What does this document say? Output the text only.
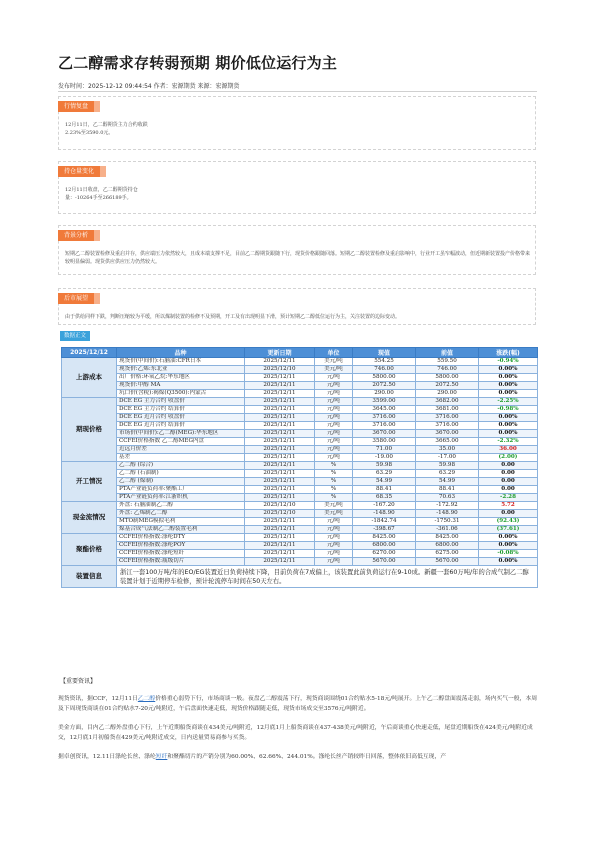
乙二醇需求存转弱预期 期价低位运行为主
发布时间：2025-12-12 09:44:54 作者：宏源期货 来源：宏源期货
行情复盘
12月11日，乙二醇期货主力合约收跌2.23%至3590.0元。
持仓量变化
12月11日收盘，乙二醇期货持仓量：-10264手至266189手。
背景分析
短期乙二醇装置检修及重启并存，供应端压力依然较大，且成本端支撑不足，目前乙二醇期货跟随下行，现货价格跟随回落。短期乙二醇装置检修及重启影响中，行业开工虽窄幅波动，但近期新装置投产价格带来较明显偏弱。现货供应供应压力仍然较大。
后市展望
由于供给同样下跌，判断压缩较为平缓，所以煤制装置的检修不及预期，开工及有出现明显下滑，预计短期乙二醇低位运行为主，关注装置的边际变动。
数据正文
2025/12/12	品种	更新日期	单位	现值	前值	涨跌(幅)
上游成本	现货价(中间价):石脑油:CFR日本	2025/12/11	美元/吨	554.25	559.50	-0.94%
	现货价:乙烯:东北亚	2025/12/10	美元/吨	746.00	746.00	0.00%
	出厂价格:环氧乙烷:华东地区	2025/12/11	元/吨	5800.00	5800.00	0.00%
	现货价:甲醇 MA	2025/12/11	元/吨	2072.50	2072.50	0.00%
	坑口价(含税):褐煤(Q3500):内蒙古	2025/12/11	元/吨	290.00	290.00	0.00%
期现价格	DCE EG 主力合约 收盘价	2025/12/11	元/吨	3599.00	3682.00	-2.25%
	DCE EG 主力合约 结算价	2025/12/11	元/吨	3645.00	3681.00	-0.98%
	DCE EG 近月合约 收盘价	2025/12/11	元/吨	3716.00	3716.00	0.00%
	DCE EG 近月合约 结算价	2025/12/11	元/吨	3716.00	3716.00	0.00%
	市场价(中间价):乙二醇(MEG):华东地区	2025/12/11	元/吨	3670.00	3670.00	0.00%
	CCFEI价格指数 乙二醇MEG内盘	2025/12/11	元/吨	3580.00	3665.00	-2.32%
	近远月价差	2025/12/11	元/吨	71.00	35.00	36.00
	基差	2025/12/11	元/吨	-19.00	-17.00	(2.00)
开工情况	乙二醇 (综合)	2025/12/11	%	59.98	59.98	0.00
	乙二醇 (石油制)	2025/12/11	%	63.29	63.29	0.00
	乙二醇 (煤制)	2025/12/11	%	54.99	54.99	0.00
	PTA产业链负荷率:聚酯工厂	2025/12/11	%	88.41	88.41	0.00
	PTA产业链负荷率:江浙织机	2025/12/11	%	68.35	70.63	-2.28
现金流情况	外盘: 石脑油制乙二醇	2025/12/10	美元/吨	-167.20	-172.92	5.72
	外盘: 乙烯制乙二醇	2025/12/10	美元/吨	-148.90	-148.90	0.00
	MTO制MEG模拟毛利	2025/12/11	元/吨	-1842.74	-1750.31	(92.43)
	煤基合成气法制乙二醇装置毛利	2025/12/11	元/吨	-398.67	-361.06	(37.61)
聚酯价格	CCFEI价格指数:涤纶DTY	2025/12/11	元/吨	8425.00	8425.00	0.00%
	CCFEI价格指数:涤纶POY	2025/12/11	元/吨	6800.00	6800.00	0.00%
	CCFEI价格指数:涤纶短纤	2025/12/11	元/吨	6270.00	6275.00	-0.08%
	CCFEI价格指数:瓶级切片	2025/12/11	元/吨	5670.00	5670.00	0.00%
装置信息	浙江一套100万吨/年的EO/EG装置近日负荷持续下降，目前负荷在7成偏上，该装置此前负荷运行在9-10成。新疆一套60万吨/年的合成气制乙二醇装置计划于近期停车检修，预计轮流停车时间在50天左右。					
【重要资讯】
现货资讯，据CCF，12月11日乙二醇价格重心弱势下行，市场商谈一般。夜盘乙二醇震荡下行，现货商谈围绕01合约贴水5-18元/吨展开。上午乙二醇盘面震荡走弱，场内买气一般，本周及下周现货商谈在01合约贴水7-20元/吨附近，午后盘面快速走低，现货价格跟随走低，现货市场成交至3576元/吨附近。
美金方面，目内乙二醇外盘重心下行，上午近期船货商谈在434美元/吨附近，12月底1月上船货商谈在437-438美元/吨附近，午后商谈重心快速走低，尾盘近期船货在424美元/吨附近成交，12月底1月初船货在429美元/吨附近成交，日内送量贸易商参与买货。
据卓创资讯，12.11日涤纶长丝、涤纶短纤和聚酯切片的产销分别为60.00%、62.66%、244.01%。涤纶长丝产销较昨日回落，整体依旧高低互现，产
